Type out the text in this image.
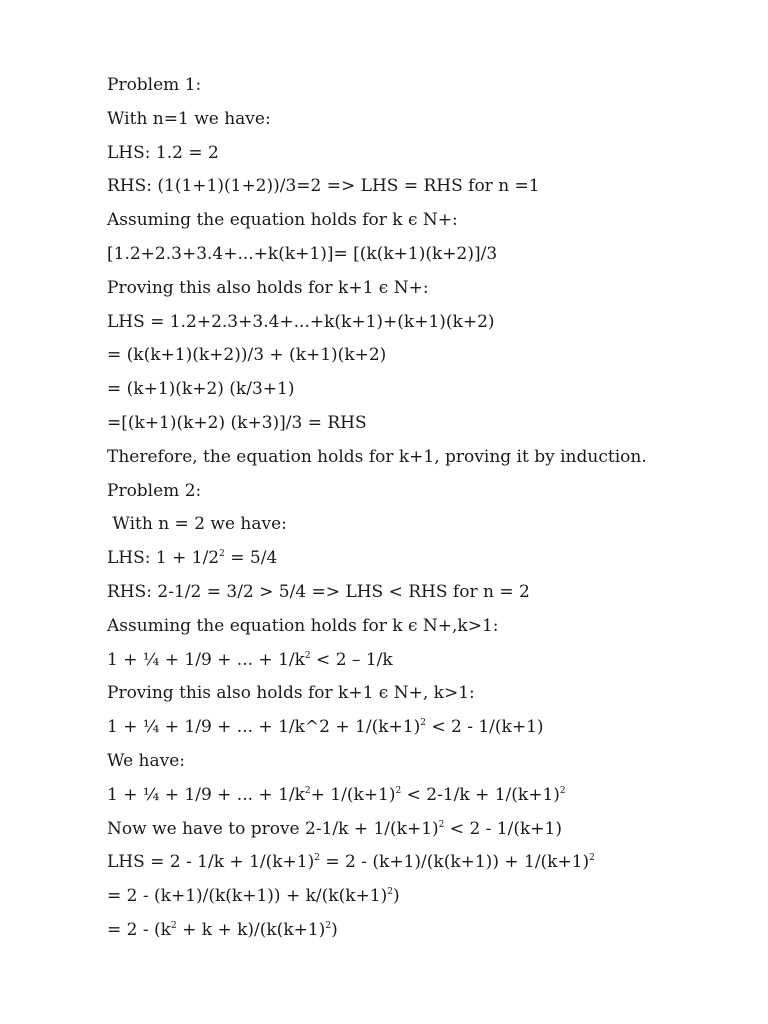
Problem 1:
With n=1 we have:
LHS: 1.2 = 2
RHS: (1(1+1)(1+2))/3=2 => LHS = RHS for n =1
Assuming the equation holds for k ϵ N+:
[1.2+2.3+3.4+...+k(k+1)]= [(k(k+1)(k+2)]/3
Proving this also holds for k+1 ϵ N+:
LHS = 1.2+2.3+3.4+...+k(k+1)+(k+1)(k+2)
= (k(k+1)(k+2))/3 + (k+1)(k+2)
= (k+1)(k+2) (k/3+1)
=[(k+1)(k+2) (k+3)]/3 = RHS
Therefore, the equation holds for k+1, proving it by induction.
Problem 2:
With n = 2 we have:
LHS: $1 + 1/2^2 = 5/4$
RHS: 2-1/2 = 3/2 > 5/4 => LHS < RHS for n = 2
Assuming the equation holds for k ϵ N+,k>1:
1 + ¼ + 1/9 + ... + $1/k^2 < 2 - 1/k$
Proving this also holds for k+1 ϵ N+, k>1:
1 + ¼ + 1/9 + ... + 1/k^2 + $1/(k+1)^2 < 2 - 1/(k+1)$
We have:
1 + ¼ + 1/9 + ... + $1/k^2+ 1/(k+1)^2 < 2-1/k + 1/(k+1)^2$
Now we have to prove $2-1/k + 1/(k+1)^2 < 2 - 1/(k+1)$
LHS = $2 - 1/k + 1/(k+1)^2 = 2 - (k+1)/(k(k+1)) + 1/(k+1)^2$
= $2 - (k+1)/(k(k+1)) + k/(k(k+1)^2)$
= $2 - (k^2 + k + k)/(k(k+1)^2)$
